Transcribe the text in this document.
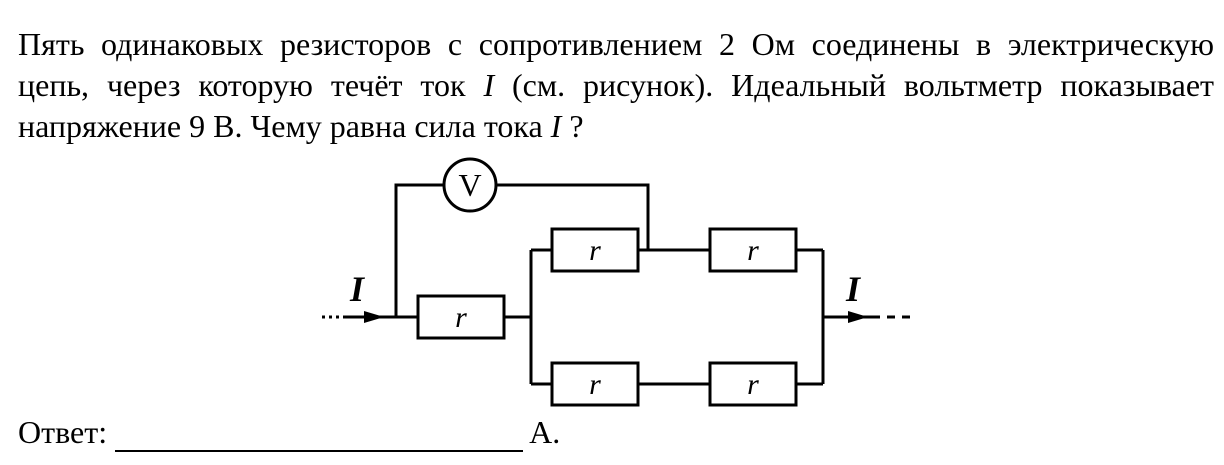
Пять одинаковых резисторов с сопротивлением 2 Ом соединены в электрическую цепь, через которую течёт ток I (см. рисунок). Идеальный вольтметр показывает напряжение 9 В. Чему равна сила тока I ?

I
V
r
r	r
r	r
I
Ответ:	А.
